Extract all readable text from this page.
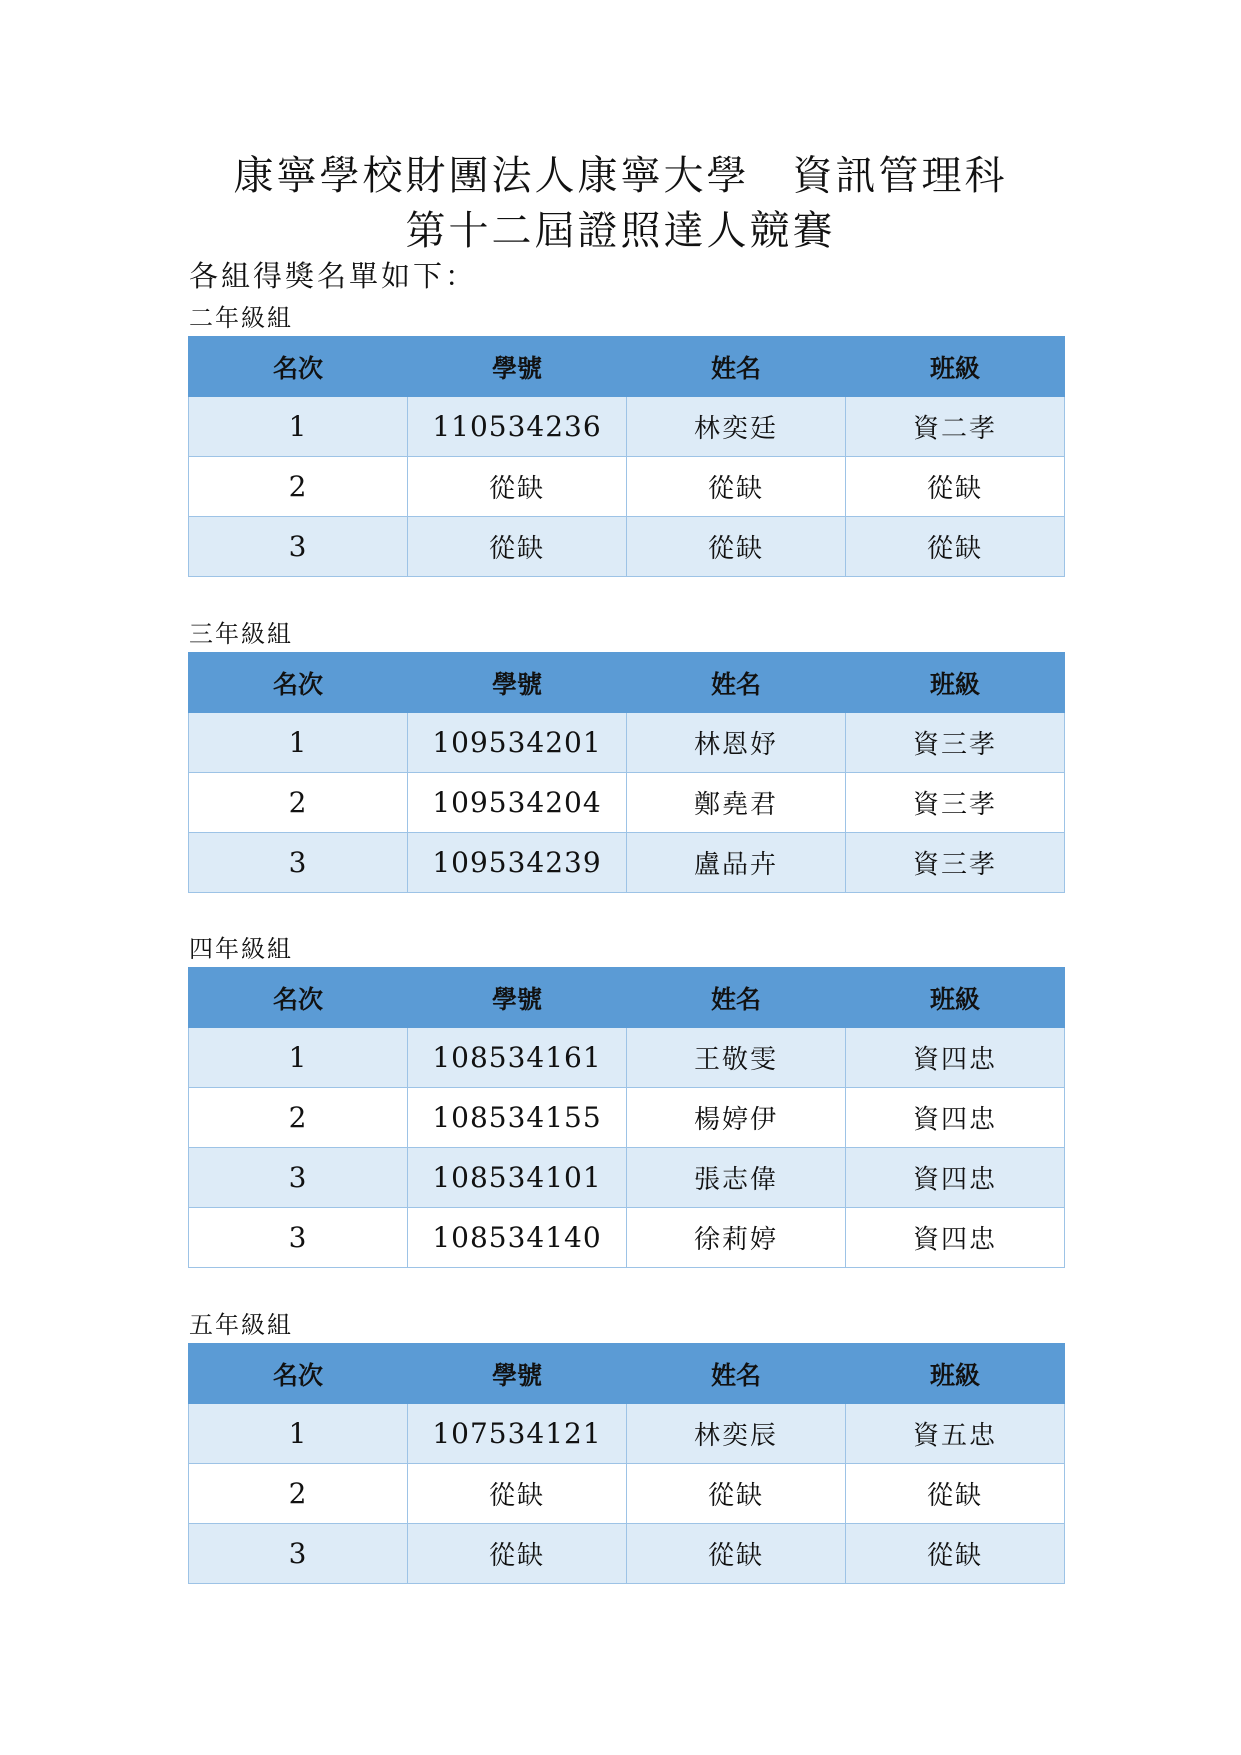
康寧學校財團法人康寧大學　資訊管理科
第十二屆證照達人競賽
各組得獎名單如下：
二年級組
名次	學號	姓名	班級
1	110534236	林奕廷	資二孝
2	從缺	從缺	從缺
3	從缺	從缺	從缺
三年級組
名次	學號	姓名	班級
1	109534201	林恩妤	資三孝
2	109534204	鄭堯君	資三孝
3	109534239	盧品卉	資三孝
四年級組
名次	學號	姓名	班級
1	108534161	王敬雯	資四忠
2	108534155	楊婷伊	資四忠
3	108534101	張志偉	資四忠
3	108534140	徐莉婷	資四忠
五年級組
名次	學號	姓名	班級
1	107534121	林奕辰	資五忠
2	從缺	從缺	從缺
3	從缺	從缺	從缺
